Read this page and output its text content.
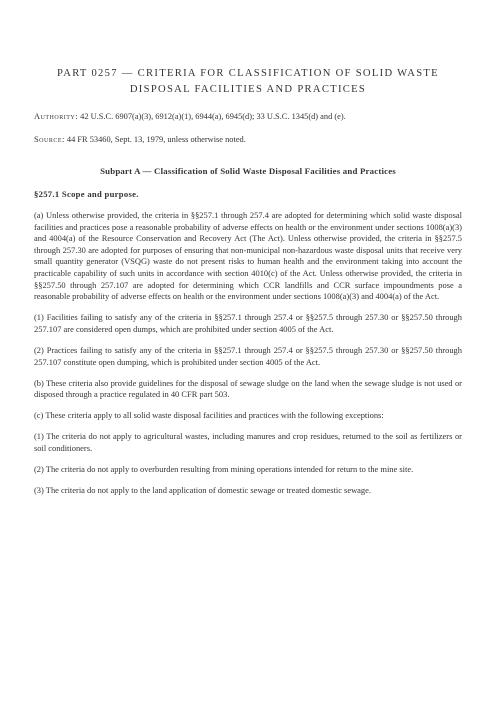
PART 0257 — CRITERIA FOR CLASSIFICATION OF SOLID WASTE DISPOSAL FACILITIES AND PRACTICES

Authority: 42 U.S.C. 6907(a)(3), 6912(a)(1), 6944(a), 6945(d); 33 U.S.C. 1345(d) and (e).

Source: 44 FR 53460, Sept. 13, 1979, unless otherwise noted.

Subpart A — Classification of Solid Waste Disposal Facilities and Practices
§257.1 Scope and purpose.

(a) Unless otherwise provided, the criteria in §§257.1 through 257.4 are adopted for determining which solid waste disposal facilities and practices pose a reasonable probability of adverse effects on health or the environment under sections 1008(a)(3) and 4004(a) of the Resource Conservation and Recovery Act (The Act). Unless otherwise provided, the criteria in §§257.5 through 257.30 are adopted for purposes of ensuring that non-municipal non-hazardous waste disposal units that receive very small quantity generator (VSQG) waste do not present risks to human health and the environment taking into account the practicable capability of such units in accordance with section 4010(c) of the Act. Unless otherwise provided, the criteria in §§257.50 through 257.107 are adopted for determining which CCR landfills and CCR surface impoundments pose a reasonable probability of adverse effects on health or the environment under sections 1008(a)(3) and 4004(a) of the Act.

(1) Facilities failing to satisfy any of the criteria in §§257.1 through 257.4 or §§257.5 through 257.30 or §§257.50 through 257.107 are considered open dumps, which are prohibited under section 4005 of the Act.

(2) Practices failing to satisfy any of the criteria in §§257.1 through 257.4 or §§257.5 through 257.30 or §§257.50 through 257.107 constitute open dumping, which is prohibited under section 4005 of the Act.

(b) These criteria also provide guidelines for the disposal of sewage sludge on the land when the sewage sludge is not used or disposed through a practice regulated in 40 CFR part 503.

(c) These criteria apply to all solid waste disposal facilities and practices with the following exceptions:

(1) The criteria do not apply to agricultural wastes, including manures and crop residues, returned to the soil as fertilizers or soil conditioners.

(2) The criteria do not apply to overburden resulting from mining operations intended for return to the mine site.

(3) The criteria do not apply to the land application of domestic sewage or treated domestic sewage.
